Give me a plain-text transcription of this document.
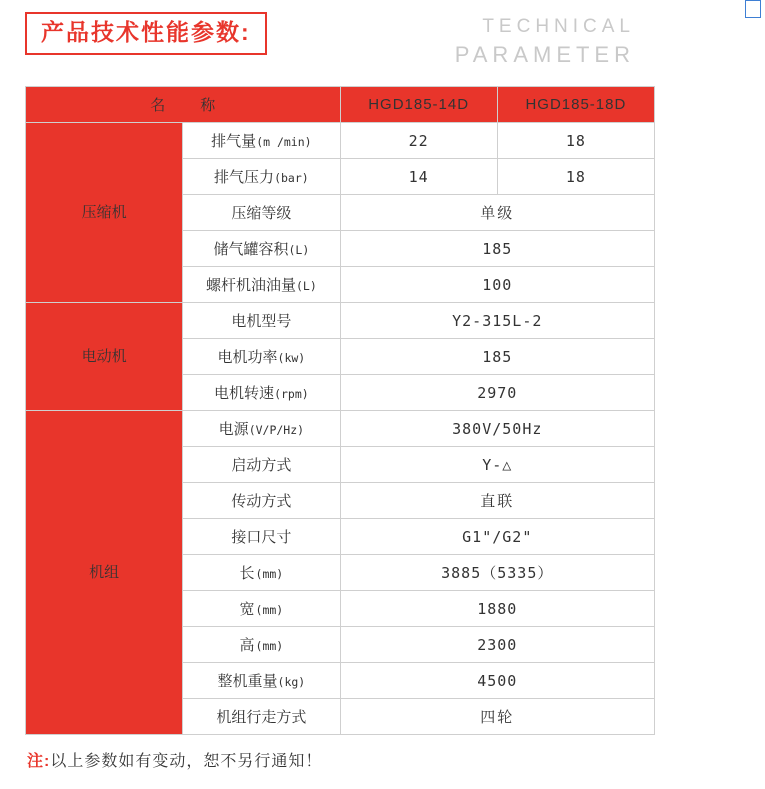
产品技术性能参数:	TECHNICAL
PARAMETER
名　称		HGD185-14D	HGD185-18D
压缩机	排气量(m /min)	22	18
	排气压力(bar)	14	18
	压缩等级	单级	
	储气罐容积(L)	185	
	螺杆机油油量(L)	100	
电动机	电机型号	Y2-315L-2	
	电机功率(kw)	185	
	电机转速(rpm)	2970	
机组	电源(V/P/Hz)	380V/50Hz	
	启动方式	Y-△	
	传动方式	直联	
	接口尺寸	G1"/G2"	
	长(mm)	3885（5335）	
	宽(mm)	1880	
	高(mm)	2300	
	整机重量(kg)	4500	
	机组行走方式	四轮	
注:以上参数如有变动，恕不另行通知！
